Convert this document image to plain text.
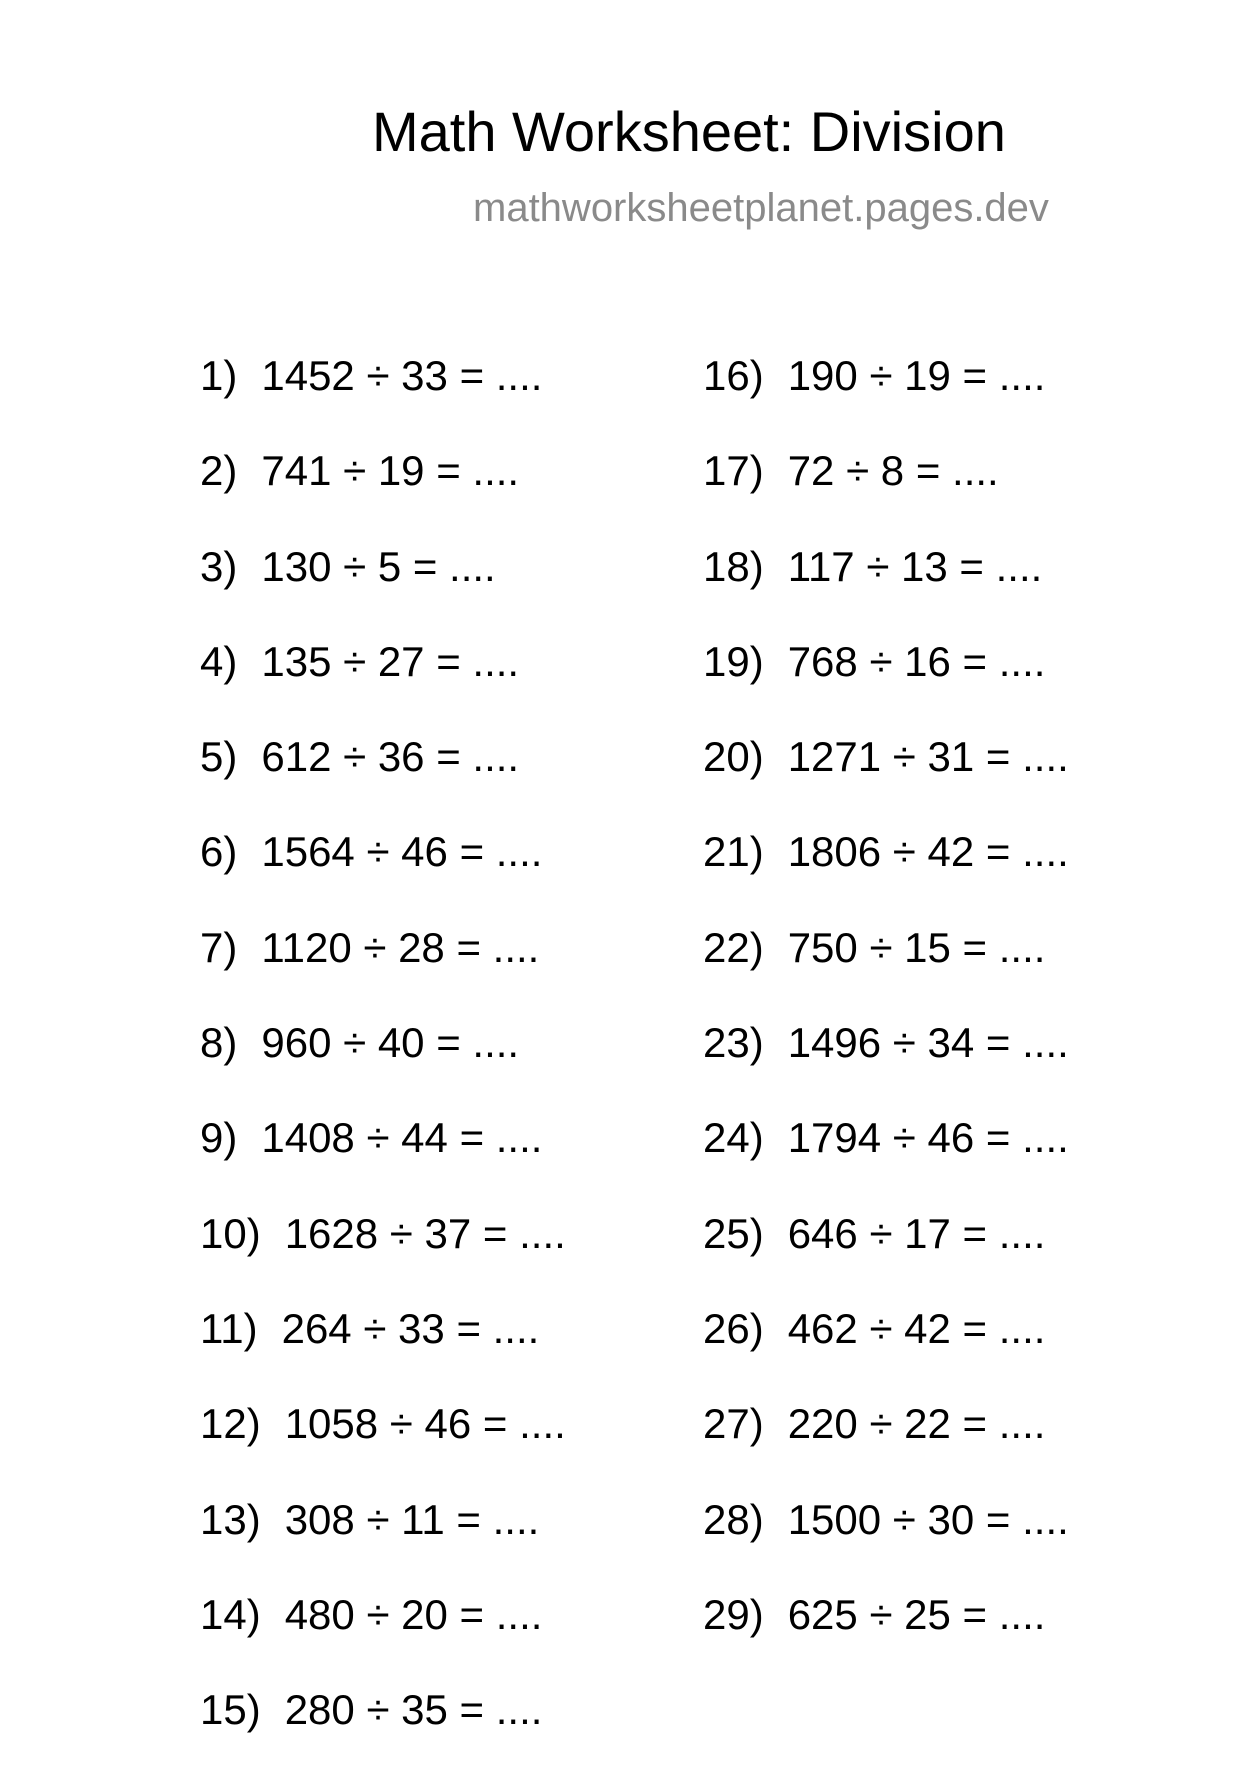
Math Worksheet: Division
mathworksheetplanet.pages.dev
1) 1452 ÷ 33 = ....
2) 741 ÷ 19 = ....
3) 130 ÷ 5 = ....
4) 135 ÷ 27 = ....
5) 612 ÷ 36 = ....
6) 1564 ÷ 46 = ....
7) 1120 ÷ 28 = ....
8) 960 ÷ 40 = ....
9) 1408 ÷ 44 = ....
10) 1628 ÷ 37 = ....
11) 264 ÷ 33 = ....
12) 1058 ÷ 46 = ....
13) 308 ÷ 11 = ....
14) 480 ÷ 20 = ....
15) 280 ÷ 35 = ....
16) 190 ÷ 19 = ....
17) 72 ÷ 8 = ....
18) 117 ÷ 13 = ....
19) 768 ÷ 16 = ....
20) 1271 ÷ 31 = ....
21) 1806 ÷ 42 = ....
22) 750 ÷ 15 = ....
23) 1496 ÷ 34 = ....
24) 1794 ÷ 46 = ....
25) 646 ÷ 17 = ....
26) 462 ÷ 42 = ....
27) 220 ÷ 22 = ....
28) 1500 ÷ 30 = ....
29) 625 ÷ 25 = ....
